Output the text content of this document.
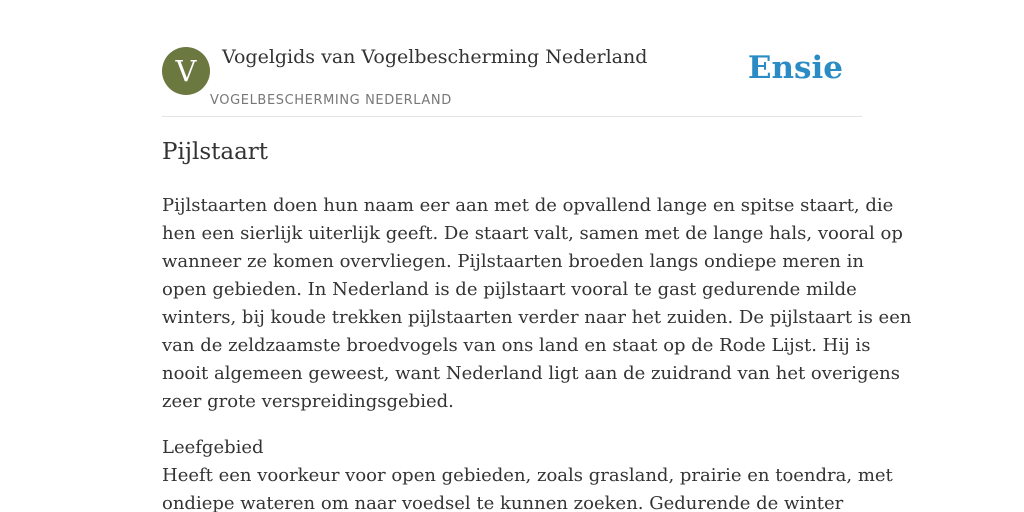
V	Vogelgids van Vogelbescherming Nederland
VOGELBESCHERMING NEDERLAND
Ensie
Pijlstaart

Pijlstaarten doen hun naam eer aan met de opvallend lange en spitse staart, die

hen een sierlijk uiterlijk geeft. De staart valt, samen met de lange hals, vooral op

wanneer ze komen overvliegen. Pijlstaarten broeden langs ondiepe meren in

open gebieden. In Nederland is de pijlstaart vooral te gast gedurende milde

winters, bij koude trekken pijlstaarten verder naar het zuiden. De pijlstaart is een

van de zeldzaamste broedvogels van ons land en staat op de Rode Lijst. Hij is

nooit algemeen geweest, want Nederland ligt aan de zuidrand van het overigens

zeer grote verspreidingsgebied.

Leefgebied

Heeft een voorkeur voor open gebieden, zoals grasland, prairie en toendra, met

ondiepe wateren om naar voedsel te kunnen zoeken. Gedurende de winter
